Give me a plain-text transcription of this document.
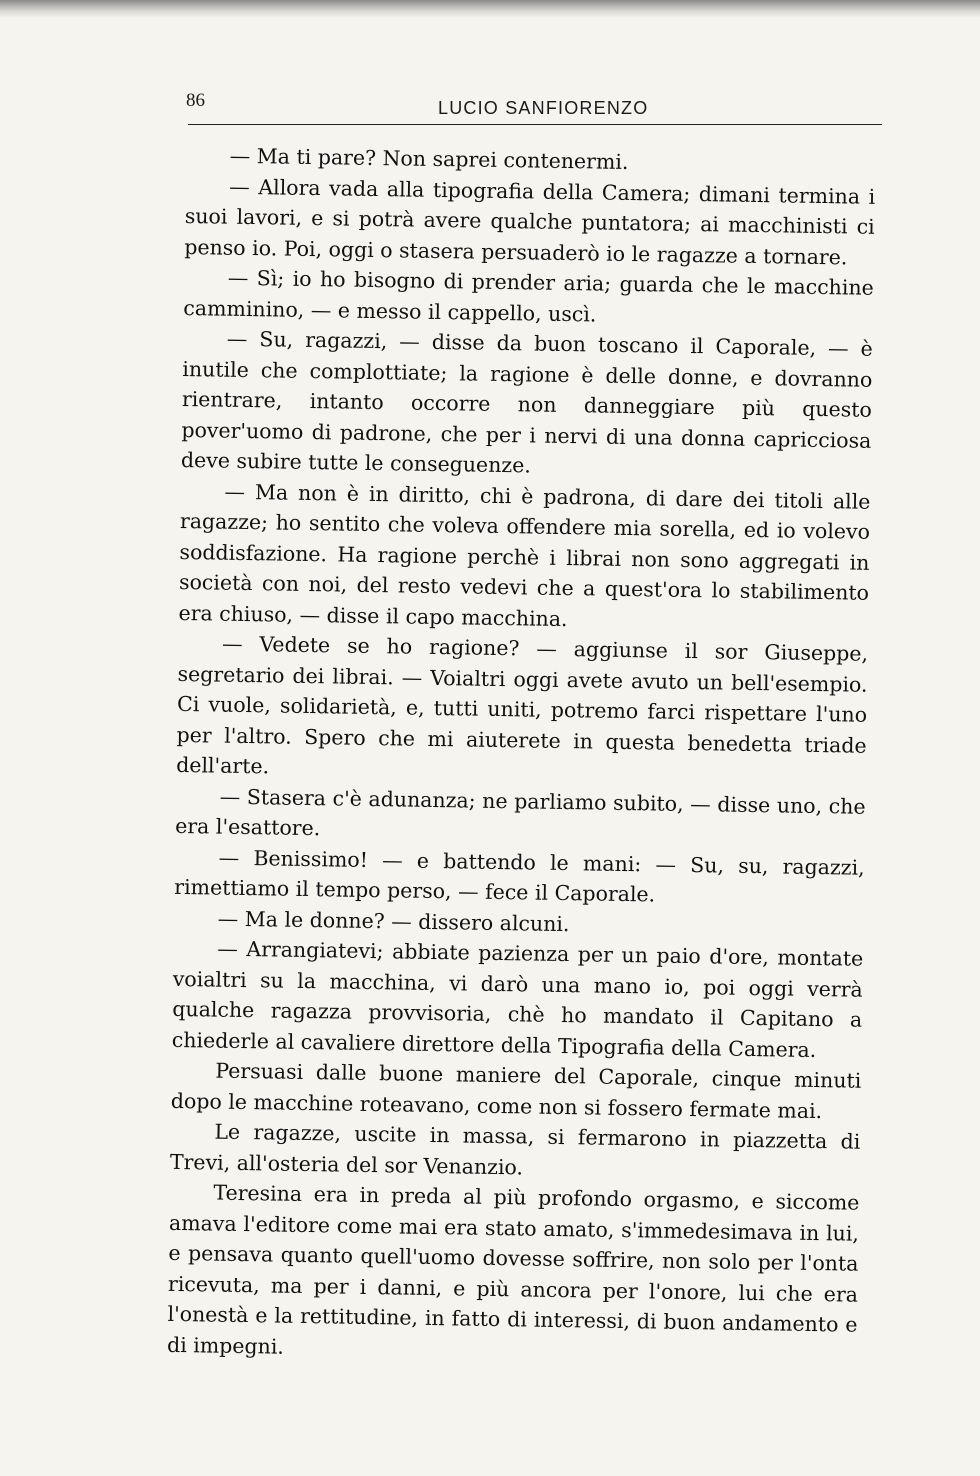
86	LUCIO SANFIORENZO

— Ma ti pare? Non saprei contenermi.

— Allora vada alla tipografia della Camera; dimani termina i suoi lavori, e si potrà avere qualche puntatora; ai macchinisti ci penso io. Poi, oggi o stasera persuaderò io le ragazze a tornare.

— Sì; io ho bisogno di prender aria; guarda che le macchine camminino, — e messo il cappello, uscì.

— Su, ragazzi, — disse da buon toscano il Caporale, — è inutile che complottiate; la ragione è delle donne, e dovranno rientrare, intanto occorre non danneggiare più questo pover'uomo di padrone, che per i nervi di una donna capricciosa deve subire tutte le conseguenze.

— Ma non è in diritto, chi è padrona, di dare dei titoli alle ragazze; ho sentito che voleva offendere mia sorella, ed io volevo soddisfazione. Ha ragione perchè i librai non sono aggregati in società con noi, del resto vedevi che a quest'ora lo stabilimento era chiuso, — disse il capo macchina.

— Vedete se ho ragione? — aggiunse il sor Giuseppe, segretario dei librai. — Voialtri oggi avete avuto un bell'esempio. Ci vuole, solidarietà, e, tutti uniti, potremo farci rispettare l'uno per l'altro. Spero che mi aiuterete in questa benedetta triade dell'arte.

— Stasera c'è adunanza; ne parliamo subito, — disse uno, che era l'esattore.

— Benissimo! — e battendo le mani: — Su, su, ragazzi, rimettiamo il tempo perso, — fece il Caporale.

— Ma le donne? — dissero alcuni.

— Arrangiatevi; abbiate pazienza per un paio d'ore, montate voialtri su la macchina, vi darò una mano io, poi oggi verrà qualche ragazza provvisoria, chè ho mandato il Capitano a chiederle al cavaliere direttore della Tipografia della Camera.

Persuasi dalle buone maniere del Caporale, cinque minuti dopo le macchine roteavano, come non si fossero fermate mai.

Le ragazze, uscite in massa, si fermarono in piazzetta di Trevi, all'osteria del sor Venanzio.

Teresina era in preda al più profondo orgasmo, e siccome amava l'editore come mai era stato amato, s'immedesimava in lui, e pensava quanto quell'uomo dovesse soffrire, non solo per l'onta ricevuta, ma per i danni, e più ancora per l'onore, lui che era l'onestà e la rettitudine, in fatto di interessi, di buon andamento e di impegni.
